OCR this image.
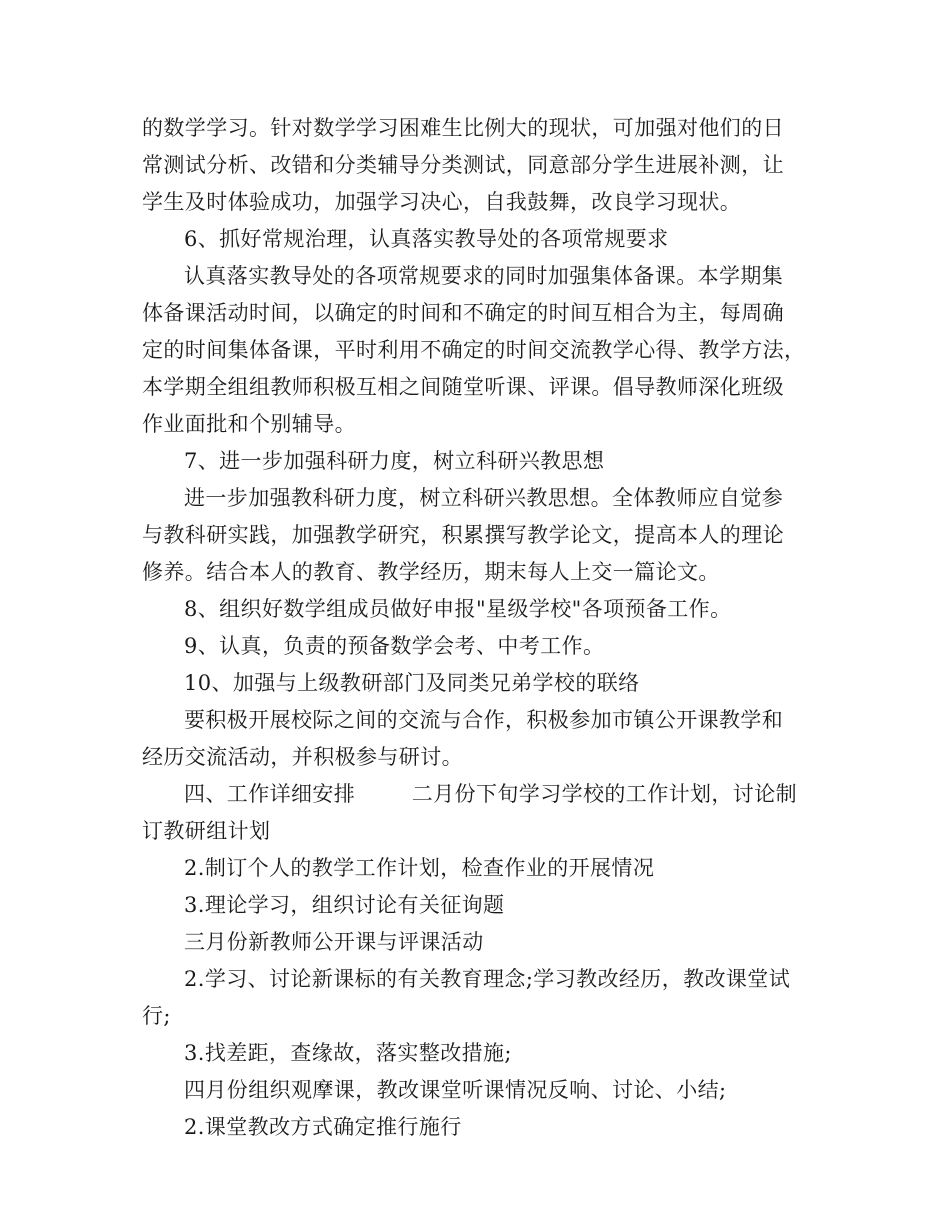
的数学学习。针对数学学习困难生比例大的现状，可加强对他们的日
常测试分析、改错和分类辅导分类测试，同意部分学生进展补测，让
学生及时体验成功，加强学习决心，自我鼓舞，改良学习现状。
6、抓好常规治理，认真落实教导处的各项常规要求
认真落实教导处的各项常规要求的同时加强集体备课。本学期集
体备课活动时间，以确定的时间和不确定的时间互相合为主，每周确
定的时间集体备课，平时利用不确定的时间交流教学心得、教学方法，
本学期全组组教师积极互相之间随堂听课、评课。倡导教师深化班级
作业面批和个别辅导。
7、进一步加强科研力度，树立科研兴教思想
进一步加强教科研力度，树立科研兴教思想。全体教师应自觉参
与教科研实践，加强教学研究，积累撰写教学论文，提高本人的理论
修养。结合本人的教育、教学经历，期末每人上交一篇论文。
8、组织好数学组成员做好申报"星级学校"各项预备工作。
9、认真，负责的预备数学会考、中考工作。
10、加强与上级教研部门及同类兄弟学校的联络
要积极开展校际之间的交流与合作，积极参加市镇公开课教学和
经历交流活动，并积极参与研讨。
四、工作详细安排        二月份下旬学习学校的工作计划，讨论制
订教研组计划
2.制订个人的教学工作计划，检查作业的开展情况
3.理论学习，组织讨论有关征询题
三月份新教师公开课与评课活动
2.学习、讨论新课标的有关教育理念;学习教改经历，教改课堂试
行;
3.找差距，查缘故，落实整改措施;
四月份组织观摩课，教改课堂听课情况反响、讨论、小结;
2.课堂教改方式确定推行施行
